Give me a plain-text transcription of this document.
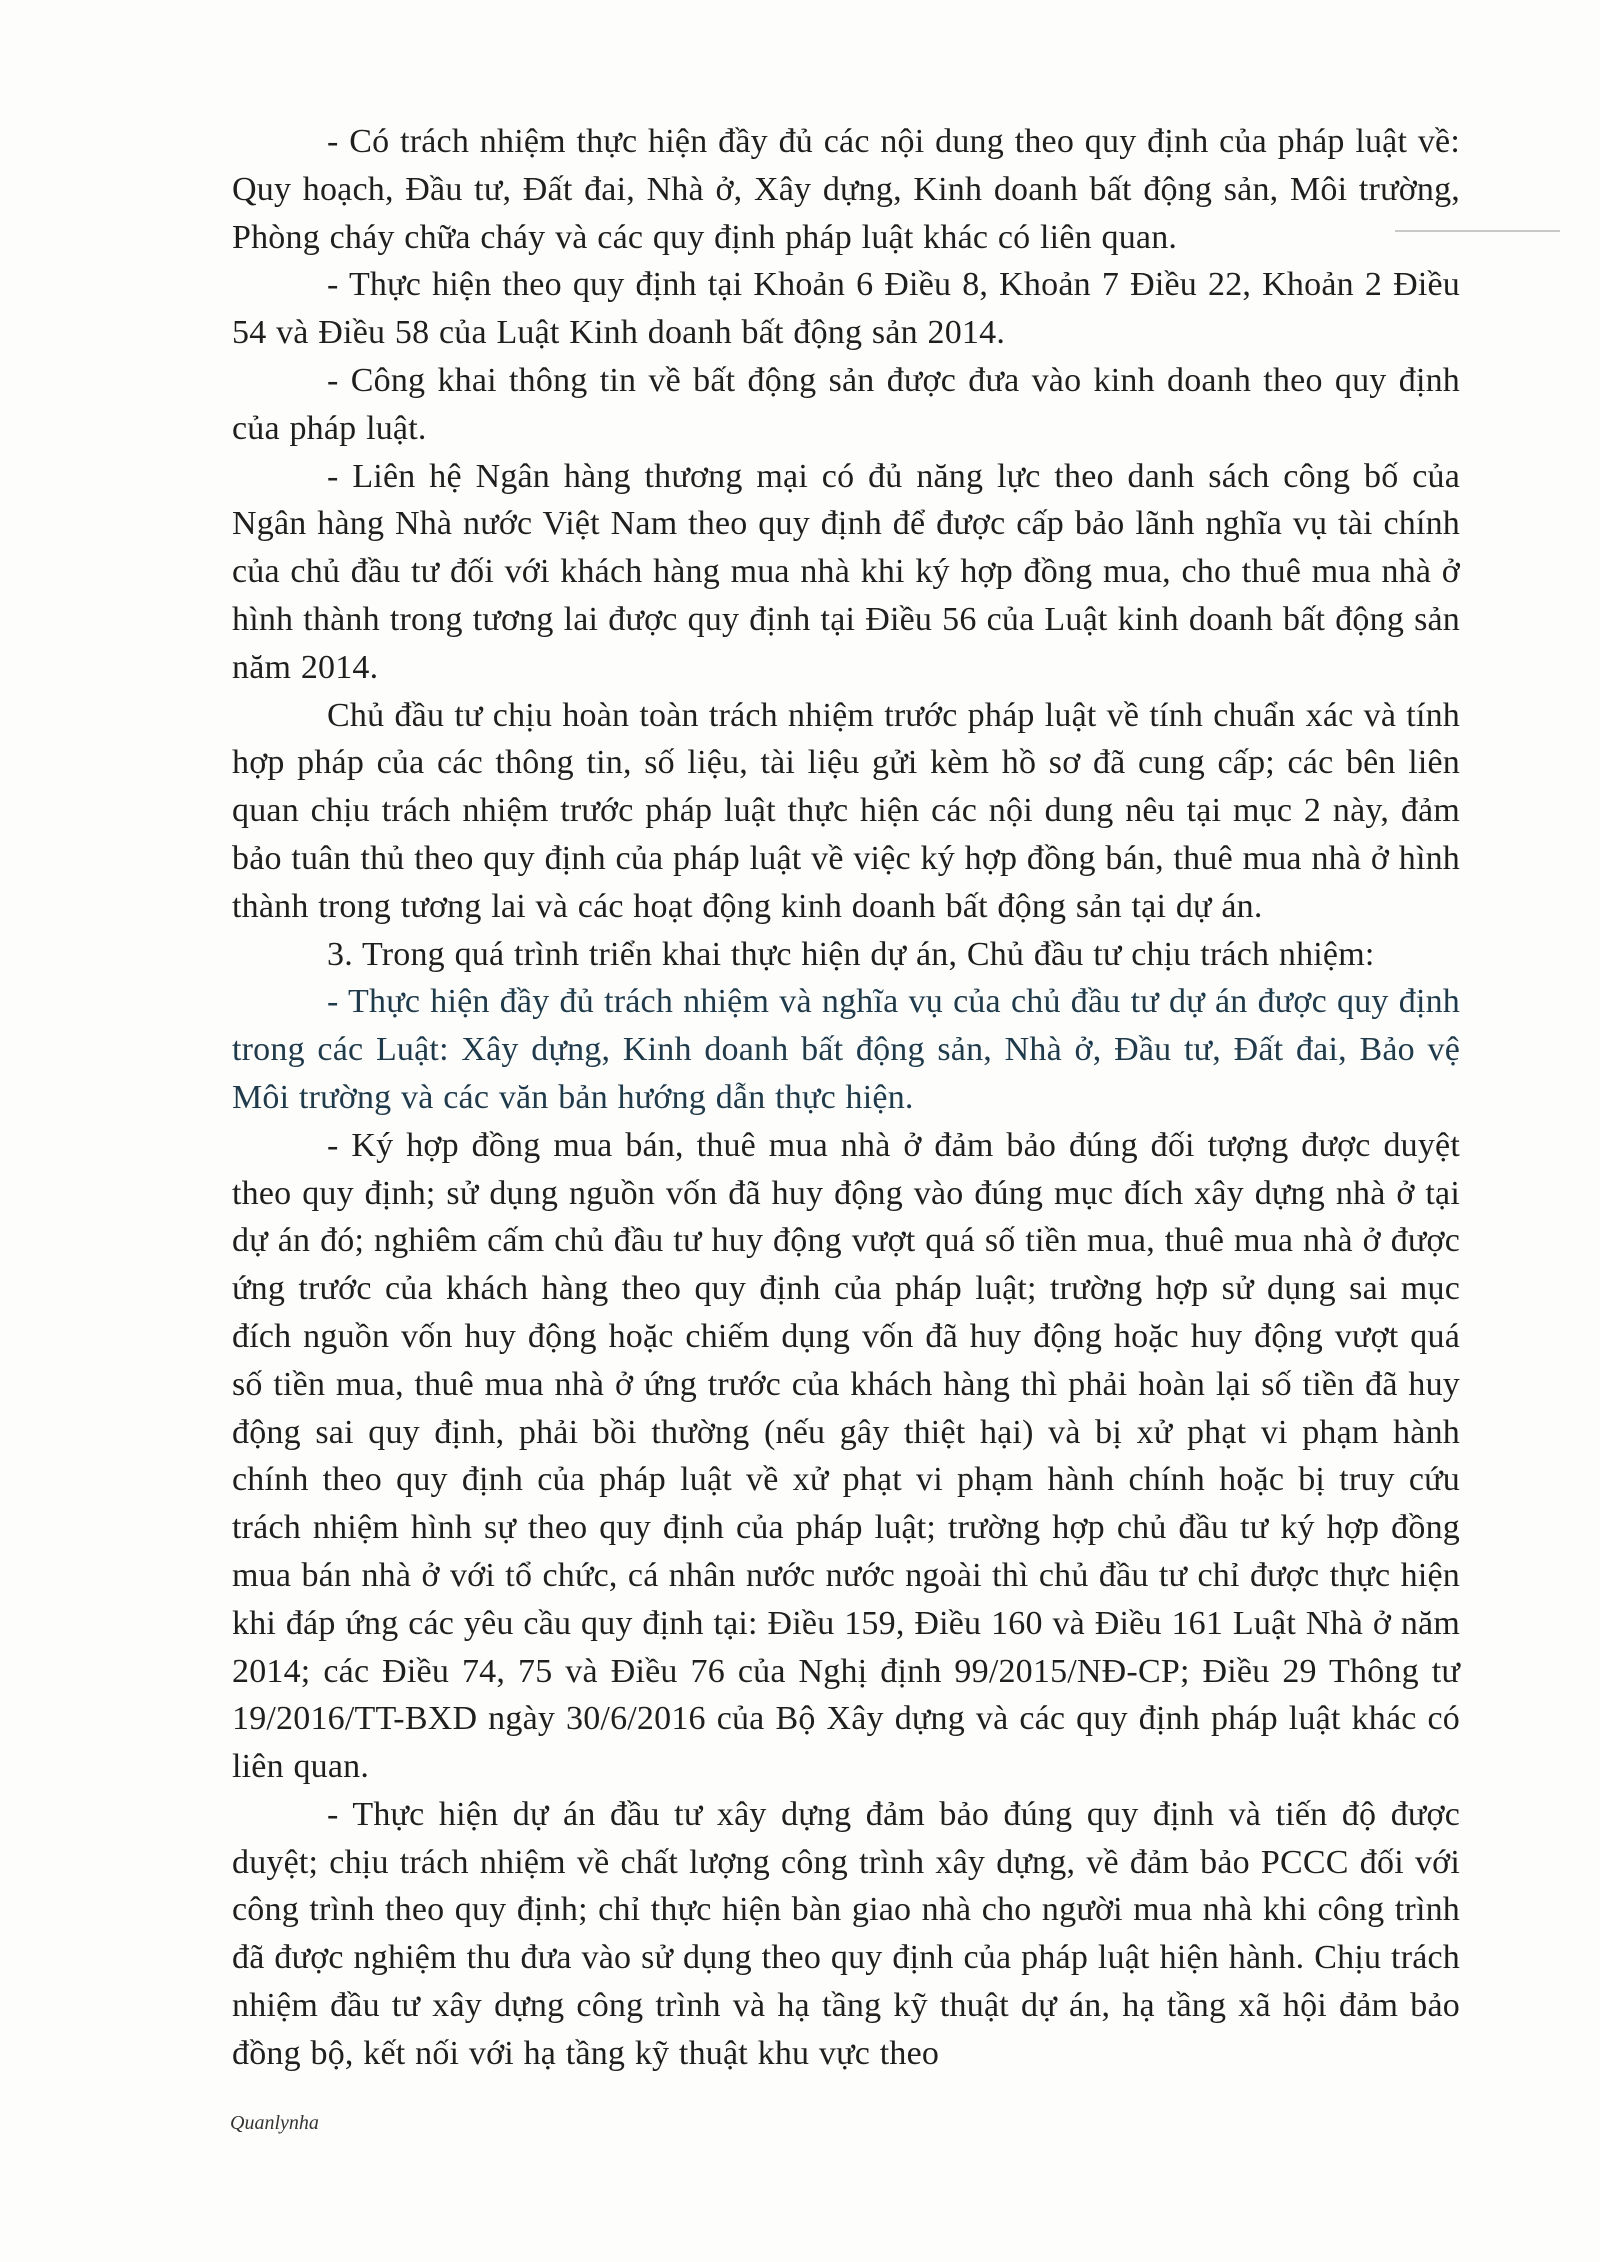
- Có trách nhiệm thực hiện đầy đủ các nội dung theo quy định của pháp luật về: Quy hoạch, Đầu tư, Đất đai, Nhà ở, Xây dựng, Kinh doanh bất động sản, Môi trường, Phòng cháy chữa cháy và các quy định pháp luật khác có liên quan.

- Thực hiện theo quy định tại Khoản 6 Điều 8, Khoản 7 Điều 22, Khoản 2 Điều 54 và Điều 58 của Luật Kinh doanh bất động sản 2014.

- Công khai thông tin về bất động sản được đưa vào kinh doanh theo quy định của pháp luật.

- Liên hệ Ngân hàng thương mại có đủ năng lực theo danh sách công bố của Ngân hàng Nhà nước Việt Nam theo quy định để được cấp bảo lãnh nghĩa vụ tài chính của chủ đầu tư đối với khách hàng mua nhà khi ký hợp đồng mua, cho thuê mua nhà ở hình thành trong tương lai được quy định tại Điều 56 của Luật kinh doanh bất động sản năm 2014.

Chủ đầu tư chịu hoàn toàn trách nhiệm trước pháp luật về tính chuẩn xác và tính hợp pháp của các thông tin, số liệu, tài liệu gửi kèm hồ sơ đã cung cấp; các bên liên quan chịu trách nhiệm trước pháp luật thực hiện các nội dung nêu tại mục 2 này, đảm bảo tuân thủ theo quy định của pháp luật về việc ký hợp đồng bán, thuê mua nhà ở hình thành trong tương lai và các hoạt động kinh doanh bất động sản tại dự án.

3. Trong quá trình triển khai thực hiện dự án, Chủ đầu tư chịu trách nhiệm:

- Thực hiện đầy đủ trách nhiệm và nghĩa vụ của chủ đầu tư dự án được quy định trong các Luật: Xây dựng, Kinh doanh bất động sản, Nhà ở, Đầu tư, Đất đai, Bảo vệ Môi trường và các văn bản hướng dẫn thực hiện.

- Ký hợp đồng mua bán, thuê mua nhà ở đảm bảo đúng đối tượng được duyệt theo quy định; sử dụng nguồn vốn đã huy động vào đúng mục đích xây dựng nhà ở tại dự án đó; nghiêm cấm chủ đầu tư huy động vượt quá số tiền mua, thuê mua nhà ở được ứng trước của khách hàng theo quy định của pháp luật; trường hợp sử dụng sai mục đích nguồn vốn huy động hoặc chiếm dụng vốn đã huy động hoặc huy động vượt quá số tiền mua, thuê mua nhà ở ứng trước của khách hàng thì phải hoàn lại số tiền đã huy động sai quy định, phải bồi thường (nếu gây thiệt hại) và bị xử phạt vi phạm hành chính theo quy định của pháp luật về xử phạt vi phạm hành chính hoặc bị truy cứu trách nhiệm hình sự theo quy định của pháp luật; trường hợp chủ đầu tư ký hợp đồng mua bán nhà ở với tổ chức, cá nhân nước nước ngoài thì chủ đầu tư chỉ được thực hiện khi đáp ứng các yêu cầu quy định tại: Điều 159, Điều 160 và Điều 161 Luật Nhà ở năm 2014; các Điều 74, 75 và Điều 76 của Nghị định 99/2015/NĐ-CP; Điều 29 Thông tư 19/2016/TT-BXD ngày 30/6/2016 của Bộ Xây dựng và các quy định pháp luật khác có liên quan.

- Thực hiện dự án đầu tư xây dựng đảm bảo đúng quy định và tiến độ được duyệt; chịu trách nhiệm về chất lượng công trình xây dựng, về đảm bảo PCCC đối với công trình theo quy định; chỉ thực hiện bàn giao nhà cho người mua nhà khi công trình đã được nghiệm thu đưa vào sử dụng theo quy định của pháp luật hiện hành. Chịu trách nhiệm đầu tư xây dựng công trình và hạ tầng kỹ thuật dự án, hạ tầng xã hội đảm bảo đồng bộ, kết nối với hạ tầng kỹ thuật khu vực theo

Quanlynha
